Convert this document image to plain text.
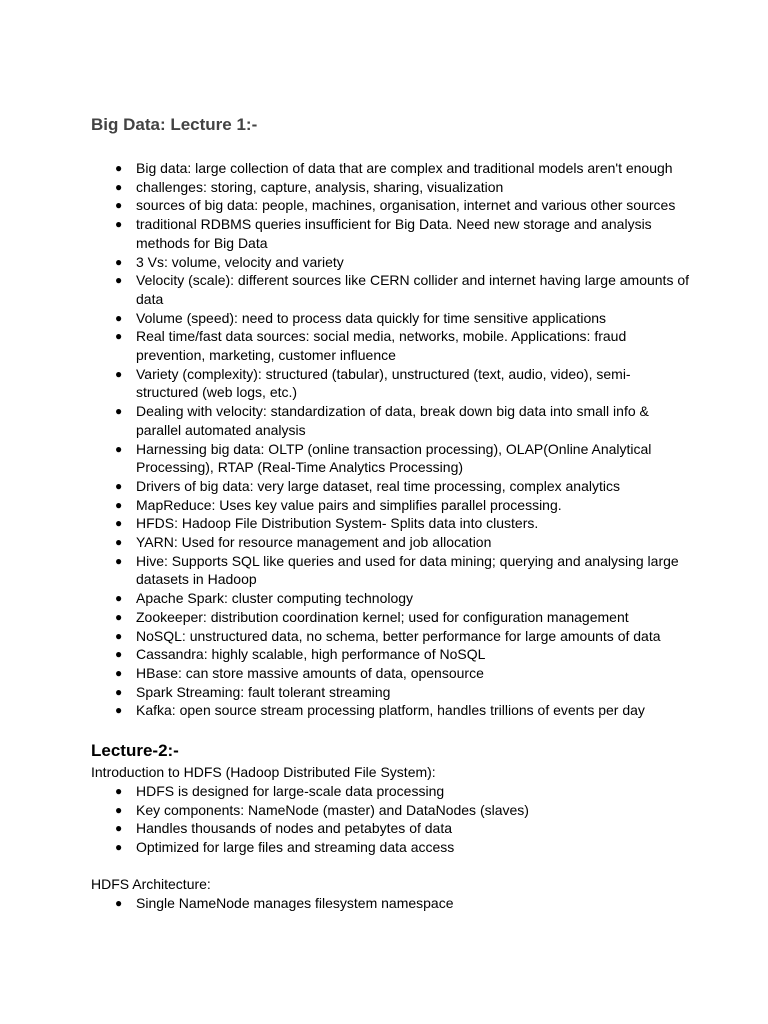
Big Data: Lecture 1:-
● Big data: large collection of data that are complex and traditional models aren't enough
● challenges: storing, capture, analysis, sharing, visualization
● sources of big data: people, machines, organisation, internet and various other sources
● traditional RDBMS queries insufficient for Big Data. Need new storage and analysis methods for Big Data
● 3 Vs: volume, velocity and variety
● Velocity (scale): different sources like CERN collider and internet having large amounts of data
● Volume (speed): need to process data quickly for time sensitive applications
● Real time/fast data sources: social media, networks, mobile. Applications: fraud prevention, marketing, customer influence
● Variety (complexity): structured (tabular), unstructured (text, audio, video), semi-structured (web logs, etc.)
● Dealing with velocity: standardization of data, break down big data into small info & parallel automated analysis
● Harnessing big data: OLTP (online transaction processing), OLAP(Online Analytical Processing), RTAP (Real-Time Analytics Processing)
● Drivers of big data: very large dataset, real time processing, complex analytics
● MapReduce: Uses key value pairs and simplifies parallel processing.
● HFDS: Hadoop File Distribution System- Splits data into clusters.
● YARN: Used for resource management and job allocation
● Hive: Supports SQL like queries and used for data mining; querying and analysing large datasets in Hadoop
● Apache Spark: cluster computing technology
● Zookeeper: distribution coordination kernel; used for configuration management
● NoSQL: unstructured data, no schema, better performance for large amounts of data
● Cassandra: highly scalable, high performance of NoSQL
● HBase: can store massive amounts of data, opensource
● Spark Streaming: fault tolerant streaming
● Kafka: open source stream processing platform, handles trillions of events per day
Lecture-2:-

Introduction to HDFS (Hadoop Distributed File System):

● HDFS is designed for large-scale data processing
● Key components: NameNode (master) and DataNodes (slaves)
● Handles thousands of nodes and petabytes of data
● Optimized for large files and streaming data access

HDFS Architecture:

● Single NameNode manages filesystem namespace
